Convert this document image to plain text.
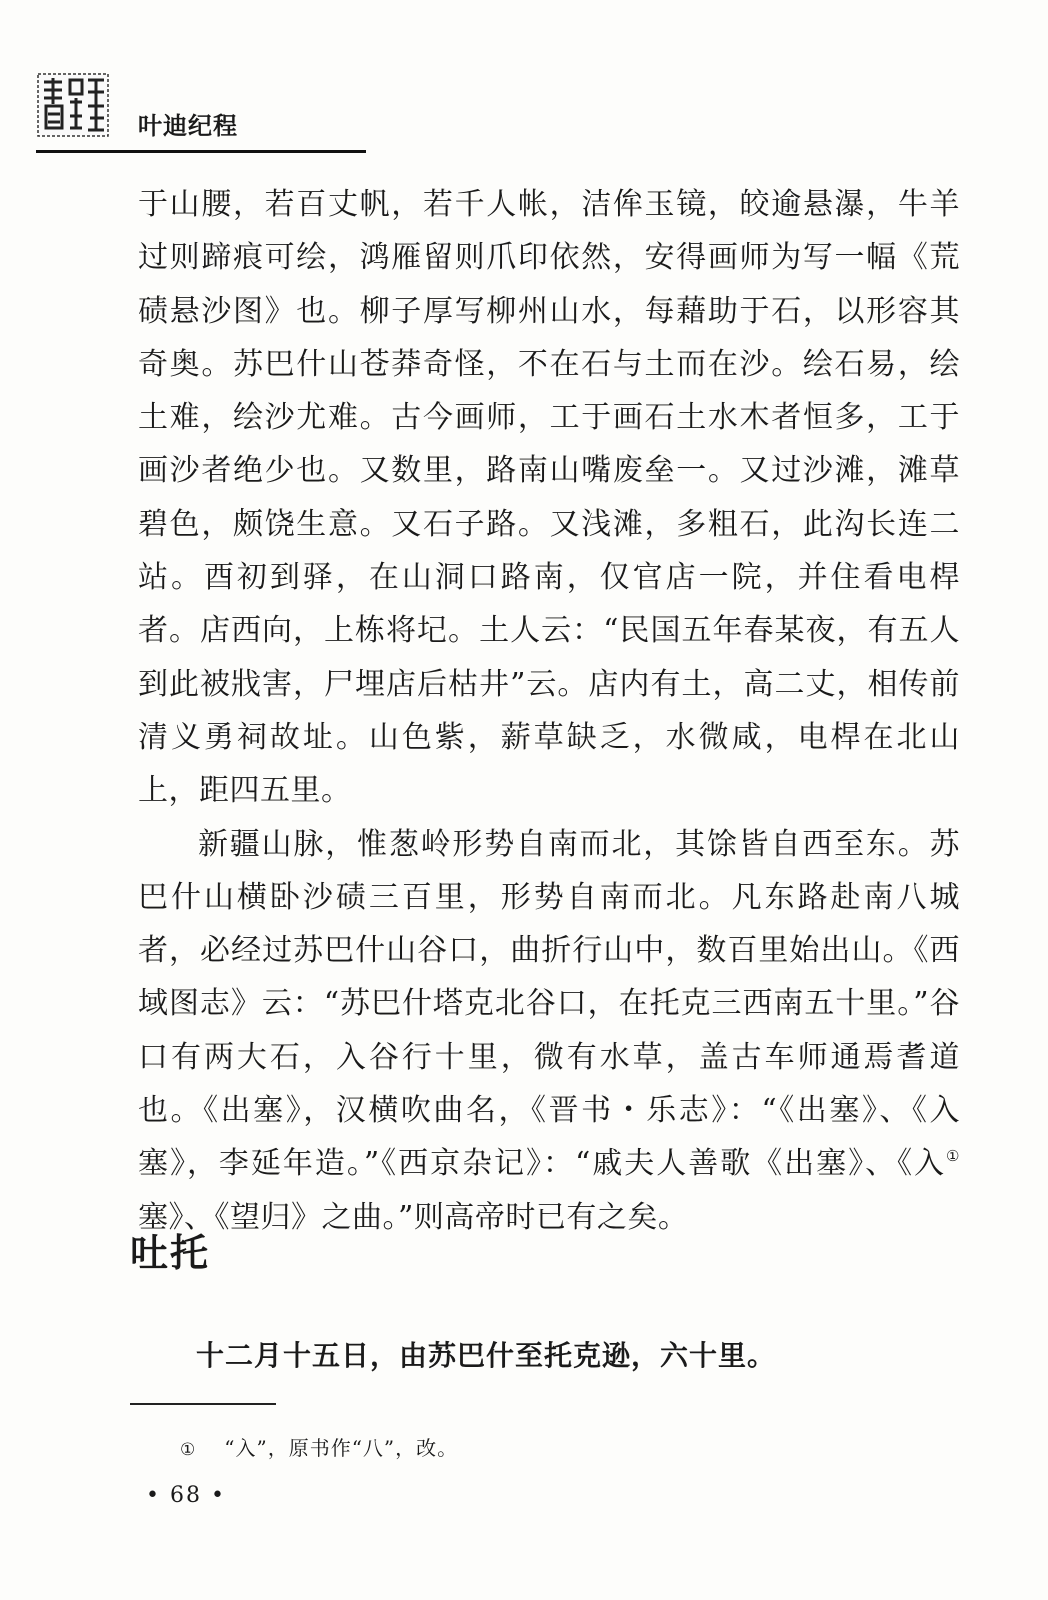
叶迪纪程

于山腰，若百丈帆，若千人帐，洁侔玉镜，皎逾悬瀑，牛羊过则蹄痕可绘，鸿雁留则爪印依然，安得画师为写一幅《荒碛悬沙图》也。柳子厚写柳州山水，每藉助于石，以形容其奇奥。苏巴什山苍莽奇怪，不在石与土而在沙。绘石易，绘土难，绘沙尤难。古今画师，工于画石土水木者恒多，工于画沙者绝少也。又数里，路南山嘴废垒一。又过沙滩，滩草碧色，颇饶生意。又石子路。又浅滩，多粗石，此沟长连二站。酉初到驿，在山洞口路南，仅官店一院，并住看电桿者。店西向，上栋将圮。土人云：“民国五年春某夜，有五人到此被戕害，尸埋店后枯井”云。店内有土，高二丈，相传前清义勇祠故址。山色紫，薪草缺乏，水微咸，电桿在北山上，距四五里。

新疆山脉，惟葱岭形势自南而北，其馀皆自西至东。苏巴什山横卧沙碛三百里，形势自南而北。凡东路赴南八城者，必经过苏巴什山谷口，曲折行山中，数百里始出山。《西域图志》云：“苏巴什塔克北谷口，在托克三西南五十里。”谷口有两大石，入谷行十里，微有水草，盖古车师通焉耆道也。《出塞》，汉横吹曲名，《晋书・乐志》：“《出塞》、《入塞》，李延年造。”《西京杂记》：“戚夫人善歌《出塞》、《入①塞》、《望归》之曲。”则高帝时已有之矣。

吐托
十二月十五日，由苏巴什至托克逊，六十里。
① “入”，原书作“八”，改。
• 68 •
